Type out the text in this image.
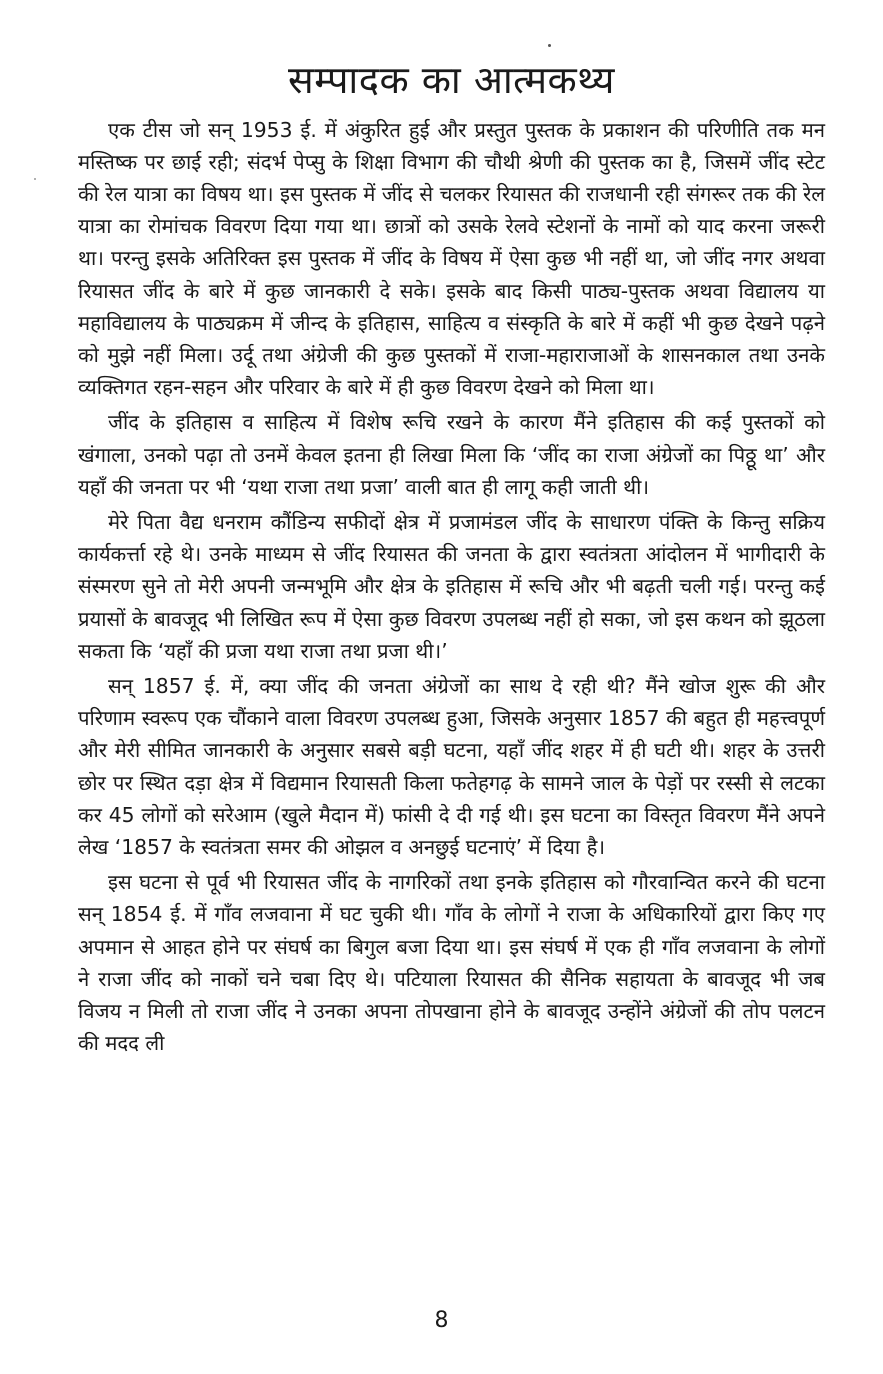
सम्पादक का आत्मकथ्य

एक टीस जो सन् 1953 ई. में अंकुरित हुई और प्रस्तुत पुस्तक के प्रकाशन की परिणीति तक मन मस्तिष्क पर छाई रही; संदर्भ पेप्सु के शिक्षा विभाग की चौथी श्रेणी की पुस्तक का है, जिसमें जींद स्टेट की रेल यात्रा का विषय था। इस पुस्तक में जींद से चलकर रियासत की राजधानी रही संगरूर तक की रेल यात्रा का रोमांचक विवरण दिया गया था। छात्रों को उसके रेलवे स्टेशनों के नामों को याद करना जरूरी था। परन्तु इसके अतिरिक्त इस पुस्तक में जींद के विषय में ऐसा कुछ भी नहीं था, जो जींद नगर अथवा रियासत जींद के बारे में कुछ जानकारी दे सके। इसके बाद किसी पाठ्य-पुस्तक अथवा विद्यालय या महाविद्यालय के पाठ्यक्रम में जीन्द के इतिहास, साहित्य व संस्कृति के बारे में कहीं भी कुछ देखने पढ़ने को मुझे नहीं मिला। उर्दू तथा अंग्रेजी की कुछ पुस्तकों में राजा-महाराजाओं के शासनकाल तथा उनके व्यक्तिगत रहन-सहन और परिवार के बारे में ही कुछ विवरण देखने को मिला था।

जींद के इतिहास व साहित्य में विशेष रूचि रखने के कारण मैंने इतिहास की कई पुस्तकों को खंगाला, उनको पढ़ा तो उनमें केवल इतना ही लिखा मिला कि ‘जींद का राजा अंग्रेजों का पिठ्ठू था’ और यहाँ की जनता पर भी ‘यथा राजा तथा प्रजा’ वाली बात ही लागू कही जाती थी।

मेरे पिता वैद्य धनराम कौंडिन्य सफीदों क्षेत्र में प्रजामंडल जींद के साधारण पंक्ति के किन्तु सक्रिय कार्यकर्त्ता रहे थे। उनके माध्यम से जींद रियासत की जनता के द्वारा स्वतंत्रता आंदोलन में भागीदारी के संस्मरण सुने तो मेरी अपनी जन्मभूमि और क्षेत्र के इतिहास में रूचि और भी बढ़ती चली गई। परन्तु कई प्रयासों के बावजूद भी लिखित रूप में ऐसा कुछ विवरण उपलब्ध नहीं हो सका, जो इस कथन को झूठला सकता कि ‘यहाँ की प्रजा यथा राजा तथा प्रजा थी।’

सन् 1857 ई. में, क्या जींद की जनता अंग्रेजों का साथ दे रही थी? मैंने खोज शुरू की और परिणाम स्वरूप एक चौंकाने वाला विवरण उपलब्ध हुआ, जिसके अनुसार 1857 की बहुत ही महत्त्वपूर्ण और मेरी सीमित जानकारी के अनुसार सबसे बड़ी घटना, यहाँ जींद शहर में ही घटी थी। शहर के उत्तरी छोर पर स्थित दड़ा क्षेत्र में विद्यमान रियासती किला फतेहगढ़ के सामने जाल के पेड़ों पर रस्सी से लटका कर 45 लोगों को सरेआम (खुले मैदान में) फांसी दे दी गई थी। इस घटना का विस्तृत विवरण मैंने अपने लेख ‘1857 के स्वतंत्रता समर की ओझल व अनछुई घटनाएं’ में दिया है।

इस घटना से पूर्व भी रियासत जींद के नागरिकों तथा इनके इतिहास को गौरवान्वित करने की घटना सन् 1854 ई. में गाँव लजवाना में घट चुकी थी। गाँव के लोगों ने राजा के अधिकारियों द्वारा किए गए अपमान से आहत होने पर संघर्ष का बिगुल बजा दिया था। इस संघर्ष में एक ही गाँव लजवाना के लोगों ने राजा जींद को नाकों चने चबा दिए थे। पटियाला रियासत की सैनिक सहायता के बावजूद भी जब विजय न मिली तो राजा जींद ने उनका अपना तोपखाना होने के बावजूद उन्होंने अंग्रेजों की तोप पलटन की मदद ली

8
